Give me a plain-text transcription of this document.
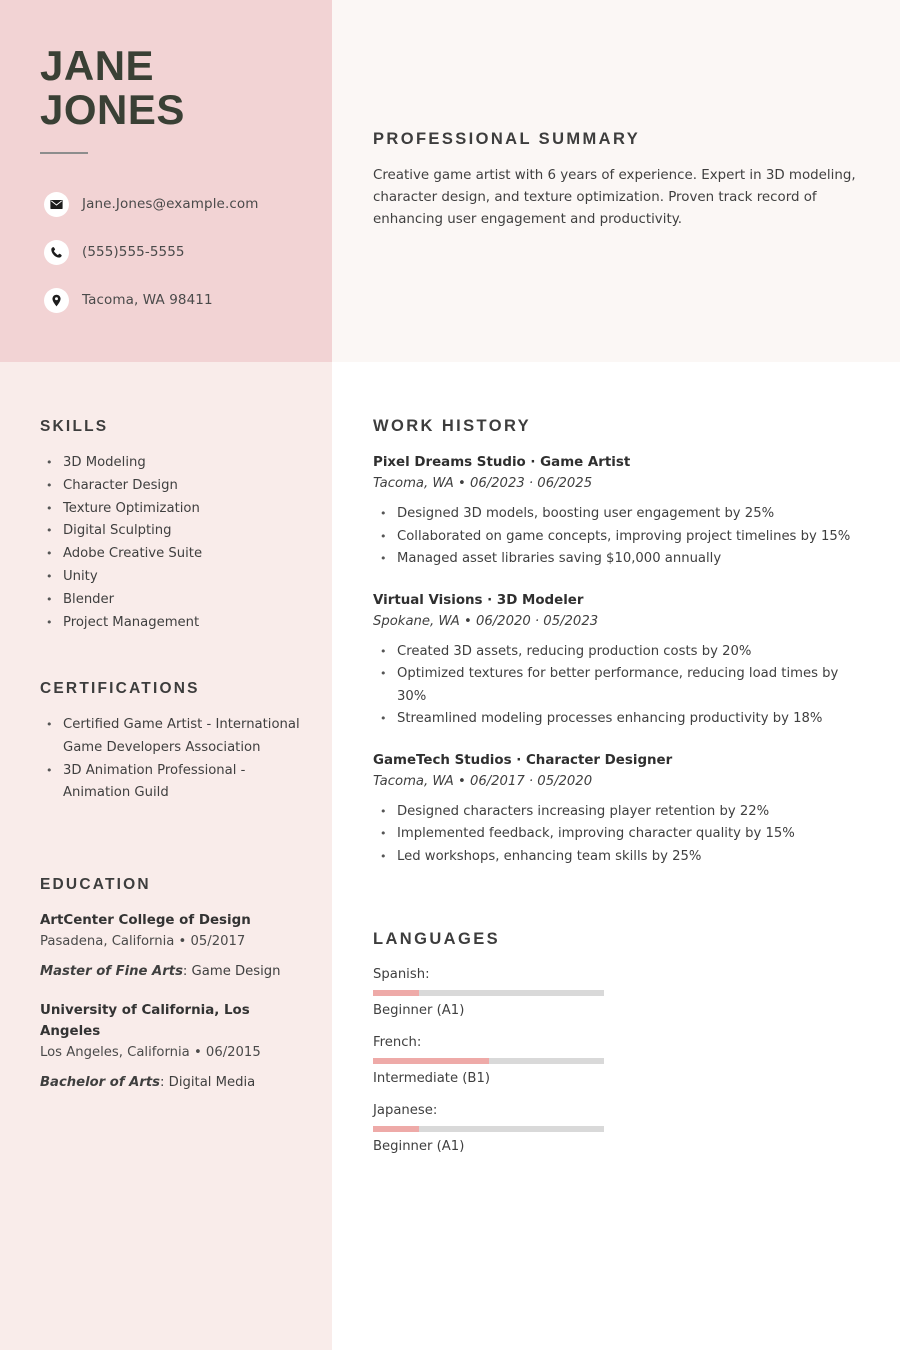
JANE
JONES
Jane.Jones@example.com
(555)555-5555
Tacoma, WA 98411
SKILLS
• 3D Modeling
• Character Design
• Texture Optimization
• Digital Sculpting
• Adobe Creative Suite
• Unity
• Blender
• Project Management
CERTIFICATIONS
• Certified Game Artist - International Game Developers Association
• 3D Animation Professional - Animation Guild
EDUCATION
ArtCenter College of Design
Pasadena, California • 05/2017
Master of Fine Arts: Game Design
University of California, Los Angeles
Los Angeles, California • 06/2015
Bachelor of Arts: Digital Media
PROFESSIONAL SUMMARY

Creative game artist with 6 years of experience. Expert in 3D modeling, character design, and texture optimization. Proven track record of enhancing user engagement and productivity.

WORK HISTORY
Pixel Dreams Studio · Game Artist
Tacoma, WA • 06/2023 · 06/2025
• Designed 3D models, boosting user engagement by 25%
• Collaborated on game concepts, improving project timelines by 15%
• Managed asset libraries saving $10,000 annually
Virtual Visions · 3D Modeler
Spokane, WA • 06/2020 · 05/2023
• Created 3D assets, reducing production costs by 20%
• Optimized textures for better performance, reducing load times by 30%
• Streamlined modeling processes enhancing productivity by 18%
GameTech Studios · Character Designer
Tacoma, WA • 06/2017 · 05/2020
• Designed characters increasing player retention by 22%
• Implemented feedback, improving character quality by 15%
• Led workshops, enhancing team skills by 25%
LANGUAGES
Spanish:
Beginner (A1)
French:
Intermediate (B1)
Japanese:
Beginner (A1)
